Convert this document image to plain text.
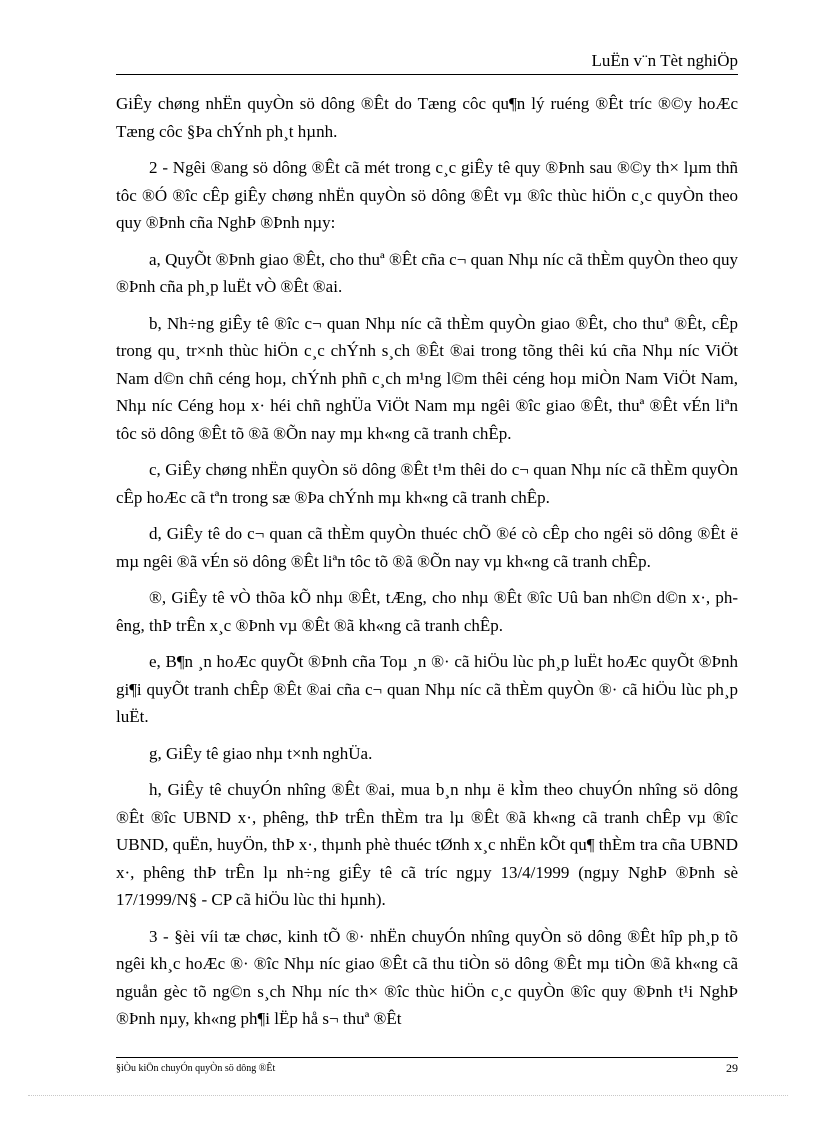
LuËn v¨n Tèt nghiÖp

GiÊy chøng nhËn quyÒn sö dông ®Êt do Tæng côc qu¶n lý ruéng ®Êt tríc ®©y hoÆc Tæng côc §Þa chÝnh ph¸t hµnh.

2 - Ngêi ®ang sö dông ®Êt cã mét trong c¸c giÊy tê quy ®Þnh sau ®©y th× lµm thñ tôc ®Ó ®îc cÊp giÊy chøng nhËn quyÒn sö dông ®Êt vµ ®îc thùc hiÖn c¸c quyÒn theo quy ®Þnh cña NghÞ ®Þnh nµy:

a, QuyÕt ®Þnh giao ®Êt, cho thuª ®Êt cña c¬ quan Nhµ níc cã thÈm quyÒn theo quy ®Þnh cña ph¸p luËt vÒ ®Êt ®ai.

b, Nh÷ng giÊy tê ®îc c¬ quan Nhµ níc cã thÈm quyÒn giao ®Êt, cho thuª ®Êt, cÊp trong qu¸ tr×nh thùc hiÖn c¸c chÝnh s¸ch ®Êt ®ai trong tõng thêi kú cña Nhµ níc ViÖt Nam d©n chñ céng hoµ, chÝnh phñ c¸ch m¹ng l©m thêi céng hoµ miÒn Nam ViÖt Nam, Nhµ níc Céng hoµ x· héi chñ nghÜa ViÖt Nam mµ ngêi ®îc giao ®Êt, thuª ®Êt vÉn liªn tôc sö dông ®Êt tõ ®ã ®Õn nay mµ kh«ng cã tranh chÊp.

c, GiÊy chøng nhËn quyÒn sö dông ®Êt t¹m thêi do c¬ quan Nhµ níc cã thÈm quyÒn cÊp hoÆc cã tªn trong sæ ®Þa chÝnh mµ kh«ng cã tranh chÊp.

d, GiÊy tê do c¬ quan cã thÈm quyÒn thuéc chÕ ®é cò cÊp cho ngêi sö dông ®Êt ë mµ ngêi ®ã vÉn sö dông ®Êt liªn tôc tõ ®ã ®Õn nay vµ kh«ng cã tranh chÊp.

®, GiÊy tê vÒ thõa kÕ nhµ ®Êt, tÆng, cho nhµ ®Êt ®îc Uû ban nh©n d©n x·, phêng, thÞ trÊn x¸c ®Þnh vµ ®Êt ®ã kh«ng cã tranh chÊp.

e, B¶n ¸n hoÆc quyÕt ®Þnh cña Toµ ¸n ®· cã hiÖu lùc ph¸p luËt hoÆc quyÕt ®Þnh gi¶i quyÕt tranh chÊp ®Êt ®ai cña c¬ quan Nhµ níc cã thÈm quyÒn ®· cã hiÖu lùc ph¸p luËt.

g, GiÊy tê giao nhµ t×nh nghÜa.

h, GiÊy tê chuyÓn nhîng ®Êt ®ai, mua b¸n nhµ ë kÌm theo chuyÓn nhîng sö dông ®Êt ®îc UBND x·, phêng, thÞ trÊn thÈm tra lµ ®Êt ®ã kh«ng cã tranh chÊp vµ ®îc UBND, quËn, huyÖn, thÞ x·, thµnh phè thuéc tØnh x¸c nhËn kÕt qu¶ thÈm tra cña UBND x·, phêng thÞ trÊn lµ nh÷ng giÊy tê cã tríc ngµy 13/4/1999 (ngµy NghÞ ®Þnh sè 17/1999/N§ - CP cã hiÖu lùc thi hµnh).

3 - §èi víi tæ chøc, kinh tÕ ®· nhËn chuyÓn nhîng quyÒn sö dông ®Êt hîp ph¸p tõ ngêi kh¸c hoÆc ®· ®îc Nhµ níc giao ®Êt cã thu tiÒn sö dông ®Êt mµ tiÒn ®ã kh«ng cã nguån gèc tõ ng©n s¸ch Nhµ níc th× ®îc thùc hiÖn c¸c quyÒn ®îc quy ®Þnh t¹i NghÞ ®Þnh nµy, kh«ng ph¶i lËp hå s¬ thuª ®Êt

§iÒu kiÖn chuyÓn quyÒn sö dông ®Êt	29
